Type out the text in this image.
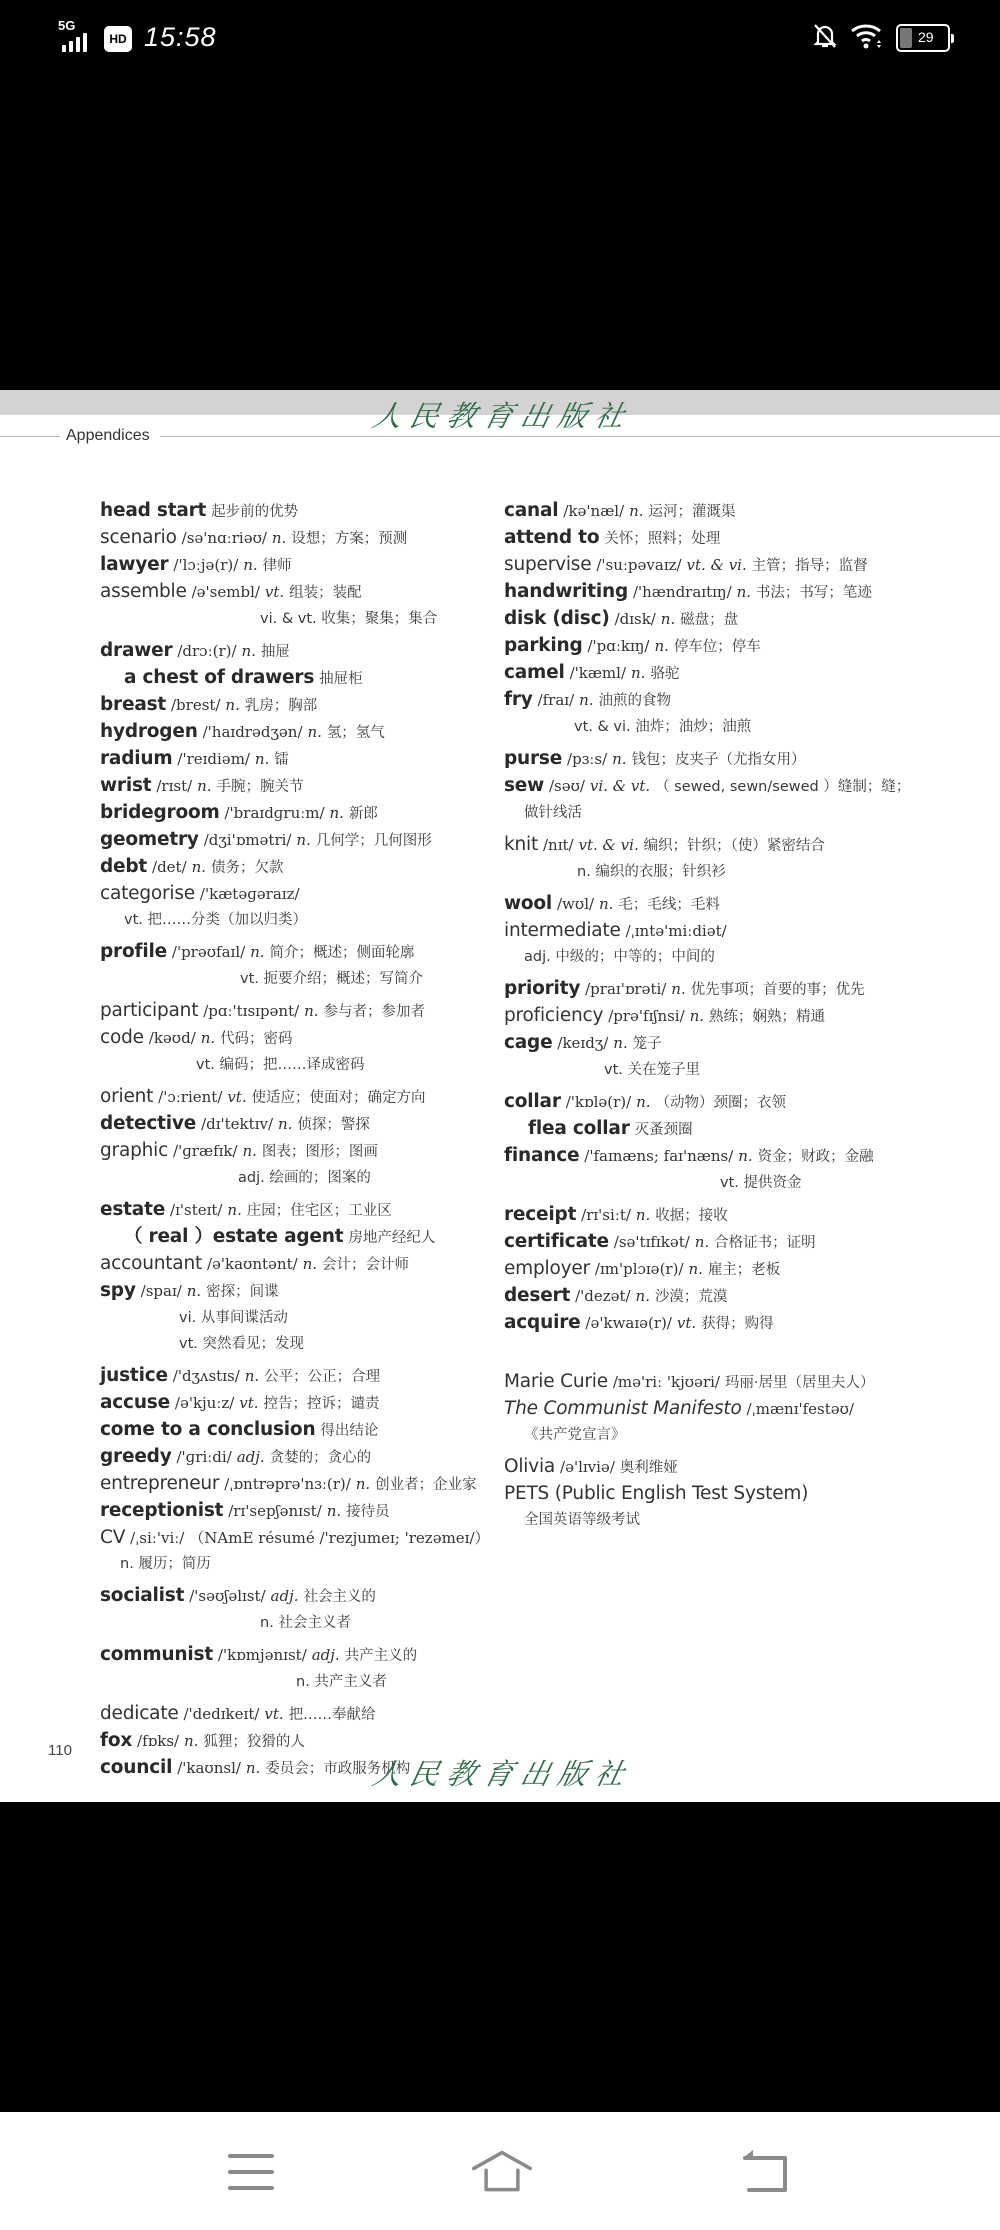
5G
HD 15:58	29
Appendices
人民教育出版社
head start 起步前的优势
scenario /sə'nɑːriəʊ/ n. 设想；方案；预测
lawyer /'lɔːjə(r)/ n. 律师
assemble /ə'sembl/ vt. 组装；装配
vi. & vt. 收集；聚集；集合
drawer /drɔː(r)/ n. 抽屉
a chest of drawers 抽屉柜
breast /brest/ n. 乳房；胸部
hydrogen /'haɪdrədʒən/ n. 氢；氢气
radium /'reɪdiəm/ n. 镭
wrist /rɪst/ n. 手腕；腕关节
bridegroom /'braɪdɡruːm/ n. 新郎
geometry /dʒi'ɒmətri/ n. 几何学；几何图形
debt /det/ n. 债务；欠款
categorise /'kætəɡəraɪz/
vt. 把……分类（加以归类）
profile /'prəʊfaɪl/ n. 简介；概述；侧面轮廓
vt. 扼要介绍；概述；写简介
participant /pɑː'tɪsɪpənt/ n. 参与者；参加者
code /kəʊd/ n. 代码；密码
vt. 编码；把……译成密码
orient /'ɔːrient/ vt. 使适应；使面对；确定方向
detective /dɪ'tektɪv/ n. 侦探；警探
graphic /'ɡræfɪk/ n. 图表；图形；图画
adj. 绘画的；图案的
estate /ɪ'steɪt/ n. 庄园；住宅区；工业区
（ real ）estate agent 房地产经纪人
accountant /ə'kaʊntənt/ n. 会计；会计师
spy /spaɪ/ n. 密探；间谍
vi. 从事间谍活动
vt. 突然看见；发现
justice /'dʒʌstɪs/ n. 公平；公正；合理
accuse /ə'kjuːz/ vt. 控告；控诉；谴责
come to a conclusion 得出结论
greedy /'ɡriːdi/ adj. 贪婪的；贪心的
entrepreneur /ˌɒntrəprə'nɜː(r)/ n. 创业者；企业家
receptionist /rɪ'sepʃənɪst/ n. 接待员
CV /ˌsiː'viː/ （NAmE résumé /'rezjumeɪ; 'rezəmeɪ/）
n. 履历；简历
socialist /'səʊʃəlɪst/ adj. 社会主义的
n. 社会主义者
communist /'kɒmjənɪst/ adj. 共产主义的
n. 共产主义者
dedicate /'dedɪkeɪt/ vt. 把……奉献给
fox /fɒks/ n. 狐狸；狡猾的人
council /'kaʊnsl/ n. 委员会；市政服务机构
canal /kə'næl/ n. 运河；灌溉渠
attend to 关怀；照料；处理
supervise /'suːpəvaɪz/ vt. & vi. 主管；指导；监督
handwriting /'hændraɪtɪŋ/ n. 书法；书写；笔迹
disk (disc) /dɪsk/ n. 磁盘；盘
parking /'pɑːkɪŋ/ n. 停车位；停车
camel /'kæml/ n. 骆驼
fry /fraɪ/ n. 油煎的食物
vt. & vi. 油炸；油炒；油煎
purse /pɜːs/ n. 钱包；皮夹子（尤指女用）
sew /səʊ/ vi. & vt. （ sewed, sewn/sewed ）缝制；缝；
做针线活
knit /nɪt/ vt. & vi. 编织；针织；（使）紧密结合
n. 编织的衣服；针织衫
wool /wʊl/ n. 毛；毛线；毛料
intermediate /ˌɪntə'miːdiət/
adj. 中级的；中等的；中间的
priority /praɪ'ɒrəti/ n. 优先事项；首要的事；优先
proficiency /prə'fɪʃnsi/ n. 熟练；娴熟；精通
cage /keɪdʒ/ n. 笼子
vt. 关在笼子里
collar /'kɒlə(r)/ n. （动物）颈圈；衣领
flea collar 灭蚤颈圈
finance /'faɪnæns; faɪ'næns/ n. 资金；财政；金融
vt. 提供资金
receipt /rɪ'siːt/ n. 收据；接收
certificate /sə'tɪfɪkət/ n. 合格证书；证明
employer /ɪm'plɔɪə(r)/ n. 雇主；老板
desert /'dezət/ n. 沙漠；荒漠
acquire /ə'kwaɪə(r)/ vt. 获得；购得
Marie Curie /mə'riː 'kjʊəri/ 玛丽·居里（居里夫人）
The Communist Manifesto /ˌmænɪ'festəʊ/
《共产党宣言》
Olivia /ə'lɪviə/ 奥利维娅
PETS (Public English Test System)
全国英语等级考试
110
人民教育出版社
